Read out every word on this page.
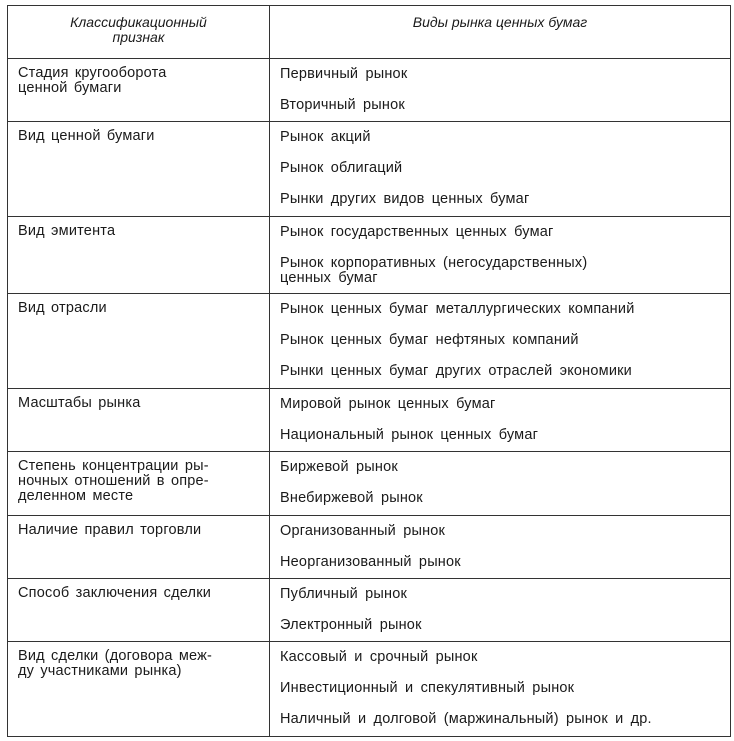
Классификационный
признак	Виды рынка ценных бумаг
Стадия кругооборота
ценной бумаги	Первичный рынок
Вторичный рынок

Вид ценной бумаги	Рынок акций
Рынок облигаций
Рынки других видов ценных бумаг

Вид эмитента	Рынок государственных ценных бумаг
Рынок корпоративных (негосударственных)
ценных бумаг

Вид отрасли	Рынок ценных бумаг металлургических компаний
Рынок ценных бумаг нефтяных компаний
Рынки ценных бумаг других отраслей экономики

Масштабы рынка	Мировой рынок ценных бумаг
Национальный рынок ценных бумаг

Степень концентрации ры-
ночных отношений в опре-
деленном месте	Биржевой рынок
Внебиржевой рынок

Наличие правил торговли	Организованный рынок
Неорганизованный рынок

Способ заключения сделки	Публичный рынок
Электронный рынок

Вид сделки (договора меж-
ду участниками рынка)	Кассовый и срочный рынок
Инвестиционный и спекулятивный рынок
Наличный и долговой (маржинальный) рынок и др.
